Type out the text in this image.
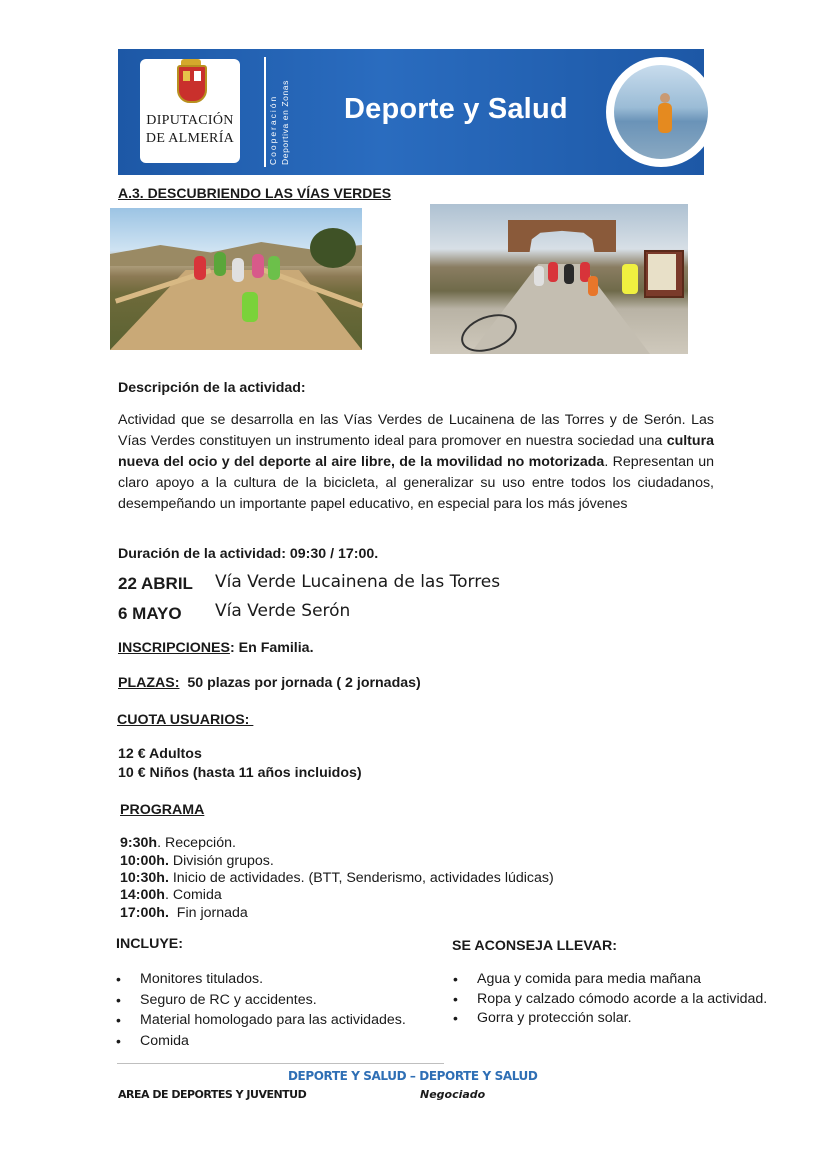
DIPUTACIÓN
DE ALMERÍA	Cooperación Deportiva en Zonas Deporte y Salud
A.3. DESCUBRIENDO LAS VÍAS VERDES
Descripción de la actividad:
Actividad que se desarrolla en las Vías Verdes de Lucainena de las Torres y de Serón. Las Vías Verdes constituyen un instrumento ideal para promover en nuestra sociedad una cultura nueva del ocio y del deporte al aire libre, de la movilidad no motorizada. Representan un claro apoyo a la cultura de la bicicleta, al generalizar su uso entre todos los ciudadanos, desempeñando un importante papel educativo, en especial para los más jóvenes
Duración de la actividad: 09:30 / 17:00.
22 ABRIL Vía Verde Lucainena de las Torres
6 MAYO Vía Verde Serón
INSCRIPCIONES: En Familia.
PLAZAS:  50 plazas por jornada ( 2 jornadas)
CUOTA USUARIOS:
12 € Adultos
10 € Niños (hasta 11 años incluidos)
PROGRAMA
9:30h. Recepción.
10:00h. División grupos.
10:30h. Inicio de actividades. (BTT, Senderismo, actividades lúdicas)
14:00h. Comida
17:00h.  Fin jornada
INCLUYE:
• Monitores titulados.
• Seguro de RC y accidentes.
• Material homologado para las actividades.
• Comida
SE ACONSEJA LLEVAR:
• Agua y comida para media mañana
• Ropa y calzado cómodo acorde a la actividad.
• Gorra y protección solar.
DEPORTE Y SALUD – DEPORTE Y SALUD
AREA DE DEPORTES Y JUVENTUD	Negociado
